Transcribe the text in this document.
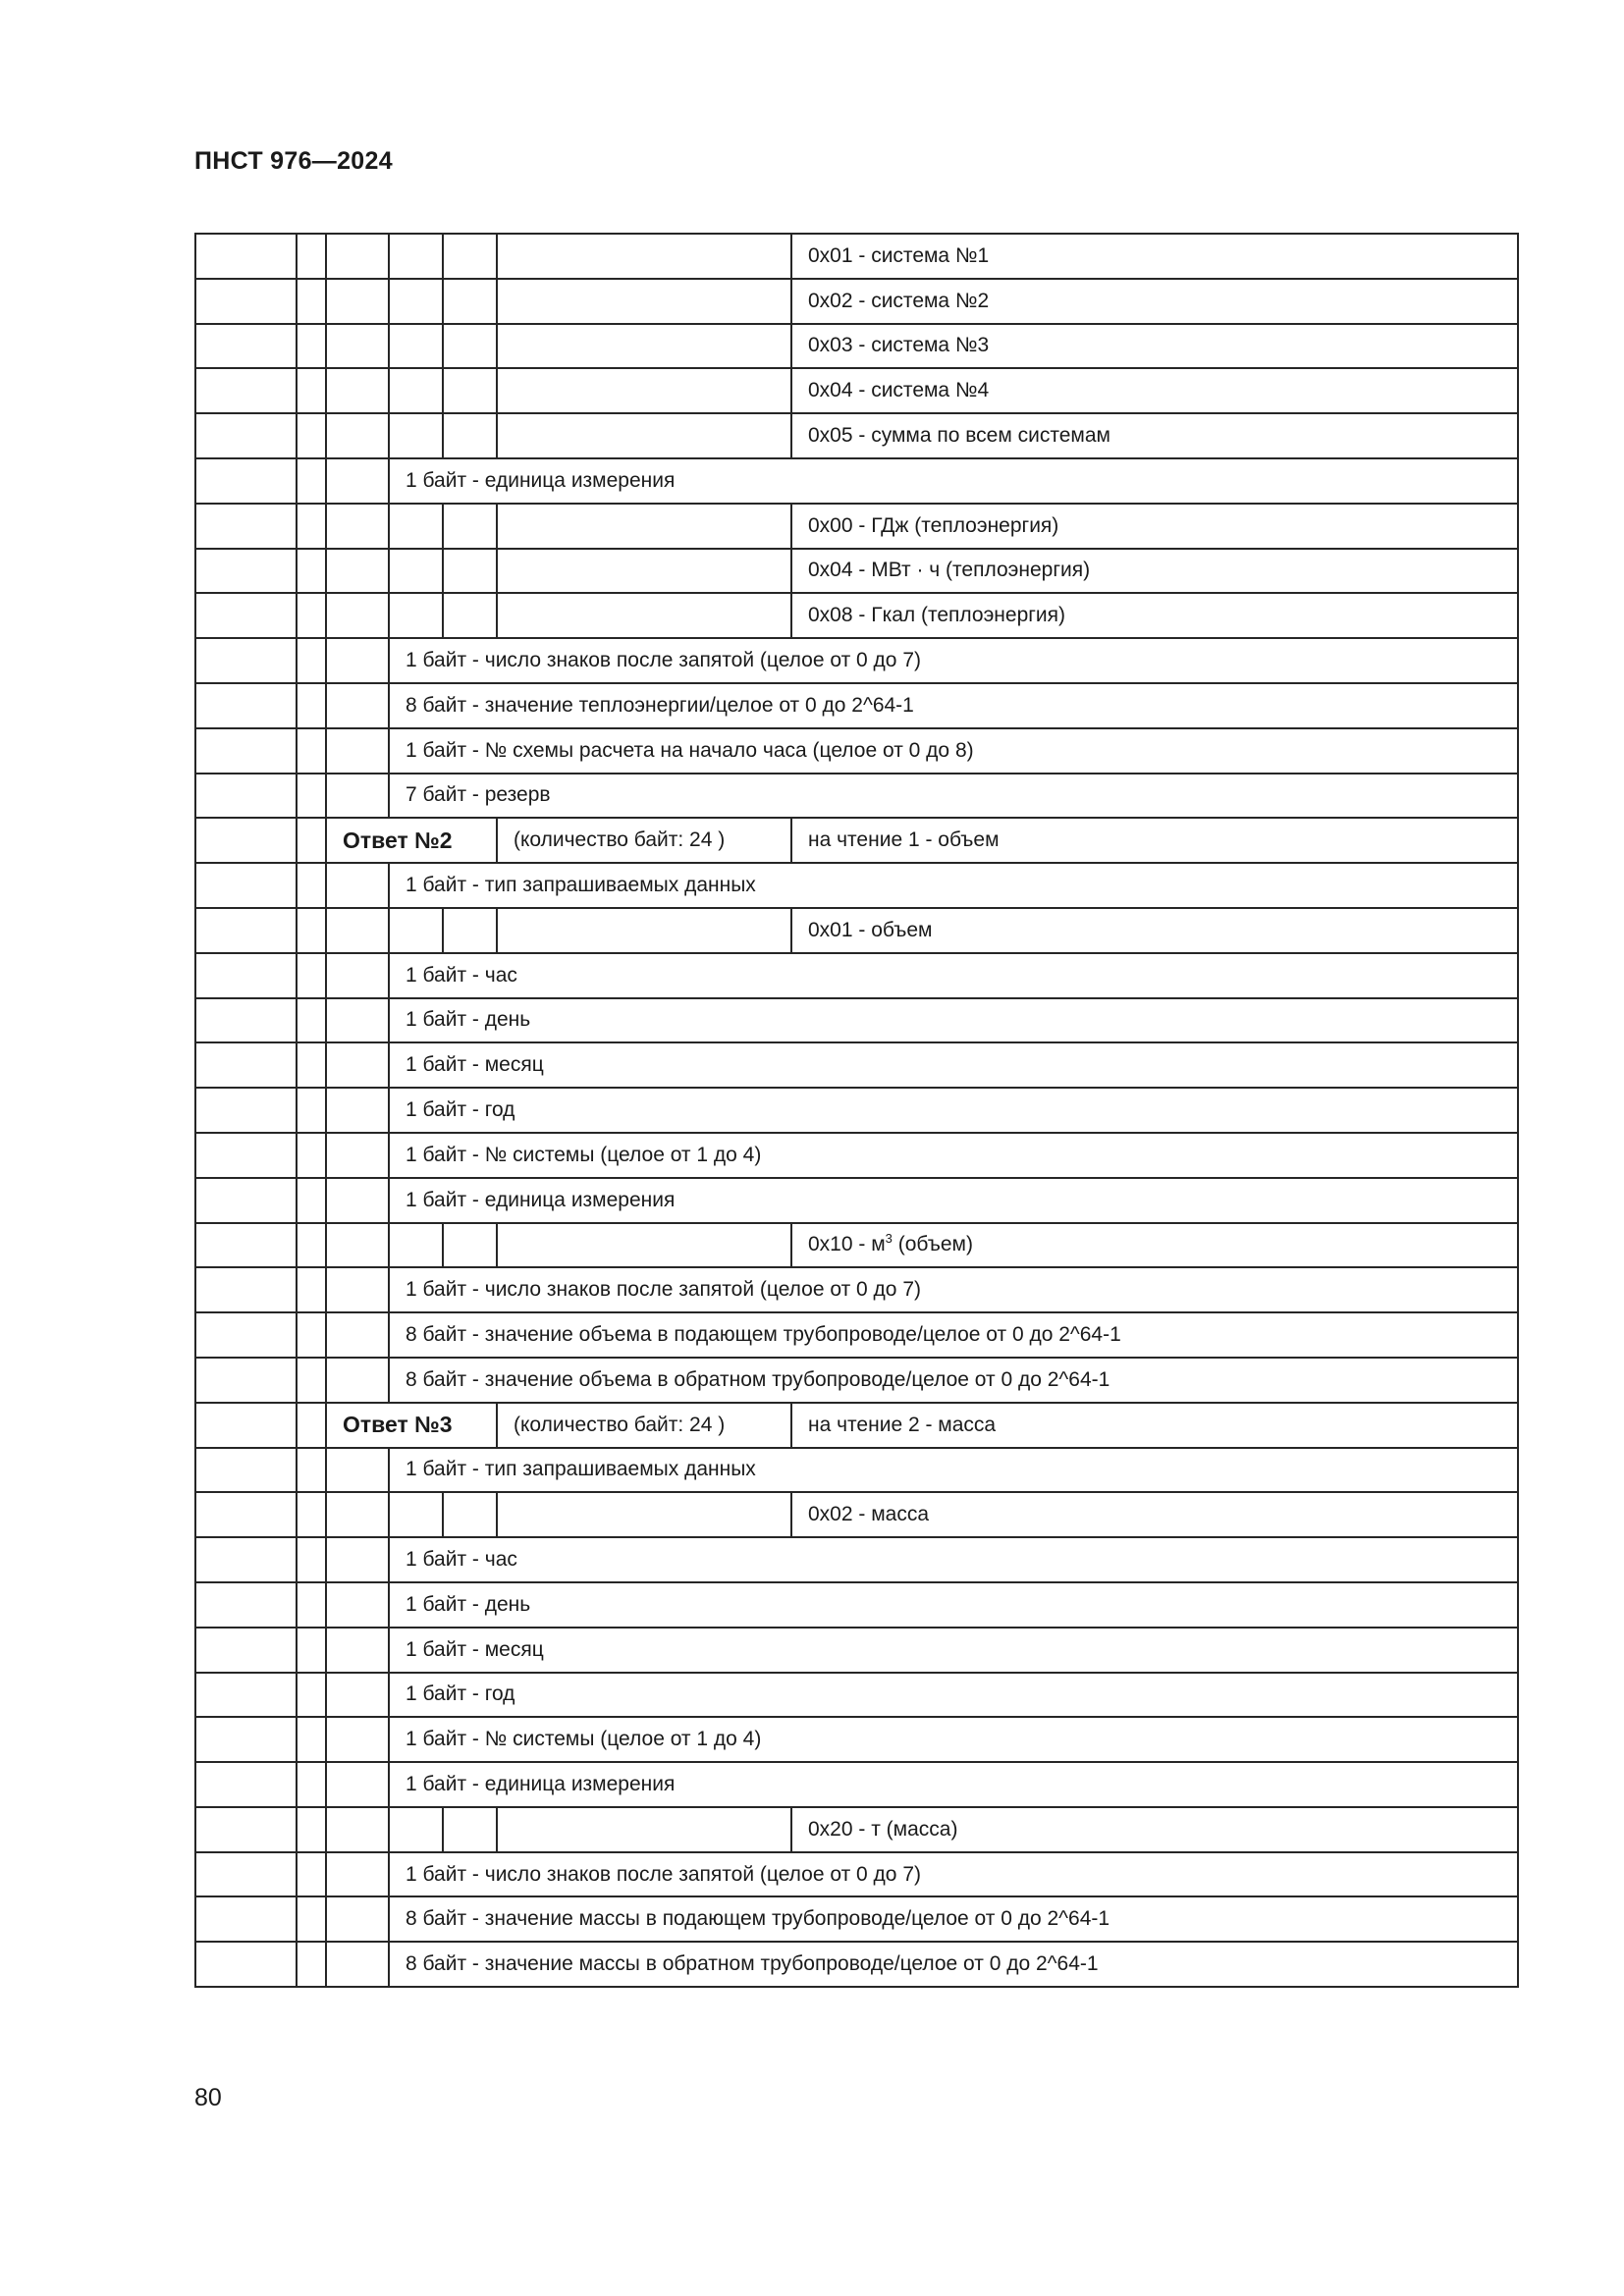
ПНСТ 976—2024
						0x01 - система №1
						0x02 - система №2
						0x03 - система №3
						0x04 - система №4
						0x05 - сумма по всем системам
			1 байт - единица измерения			
						0x00 - ГДж (теплоэнергия)
						0x04 - МВт · ч (теплоэнергия)
						0x08 - Гкал (теплоэнергия)
			1 байт - число знаков после запятой (целое от 0 до 7)			
			8 байт - значение теплоэнергии/целое от 0 до 2^64-1			
			1 байт - № схемы расчета на начало часа (целое от 0 до 8)			
			7 байт - резерв			
		Ответ №2			(количество байт: 24 )	на чтение 1 - объем
			1 байт - тип запрашиваемых данных			
						0x01 - объем
			1 байт - час			
			1 байт - день			
			1 байт - месяц			
			1 байт - год			
			1 байт - № системы (целое от 1 до 4)			
			1 байт - единица измерения			
						$0x10 - м^3$ (объем)
			1 байт - число знаков после запятой (целое от 0 до 7)			
			8 байт - значение объема в подающем трубопроводе/целое от 0 до 2^64-1			
			8 байт - значение объема в обратном трубопроводе/целое от 0 до 2^64-1			
		Ответ №3			(количество байт: 24 )	на чтение 2 - масса
			1 байт - тип запрашиваемых данных			
						0x02 - масса
			1 байт - час			
			1 байт - день			
			1 байт - месяц			
			1 байт - год			
			1 байт - № системы (целое от 1 до 4)			
			1 байт - единица измерения			
						0x20 - т (масса)
			1 байт - число знаков после запятой (целое от 0 до 7)			
			8 байт - значение массы в подающем трубопроводе/целое от 0 до 2^64-1			
			8 байт - значение массы в обратном трубопроводе/целое от 0 до 2^64-1			
80
